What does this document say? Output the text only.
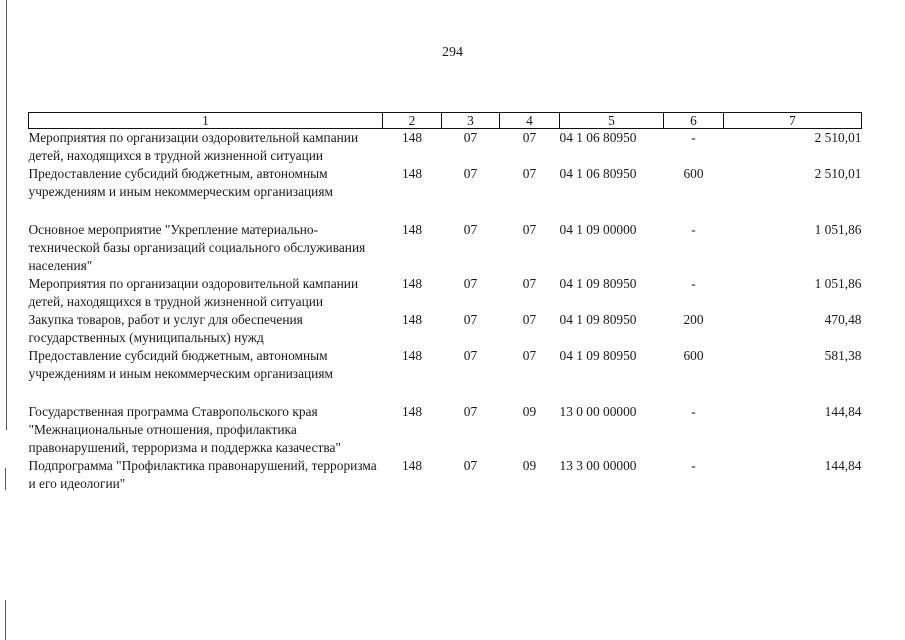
294
1	2	3	4	5	6	7
Мероприятия по организации оздоровительной кампании детей, находящихся в трудной жизненной ситуации	148	07	07	04 1 06 80950	-	2 510,01
Предоставление субсидий бюджетным, автономным учреждениям и иным некоммерческим организациям	148	07	07	04 1 06 80950	600	2 510,01

Основное мероприятие "Укрепление материально-технической базы организаций социального обслуживания населения"	148	07	07	04 1 09 00000	-	1 051,86
Мероприятия по организации оздоровительной кампании детей, находящихся в трудной жизненной ситуации	148	07	07	04 1 09 80950	-	1 051,86
Закупка товаров, работ и услуг для обеспечения государственных (муниципальных) нужд	148	07	07	04 1 09 80950	200	470,48
Предоставление субсидий бюджетным, автономным учреждениям и иным некоммерческим организациям	148	07	07	04 1 09 80950	600	581,38

Государственная программа Ставропольского края "Межнациональные отношения, профилактика правонарушений, терроризма и поддержка казачества"	148	07	09	13 0 00 00000	-	144,84
Подпрограмма "Профилактика правонарушений, терроризма и его идеологии"	148	07	09	13 3 00 00000	-	144,84
